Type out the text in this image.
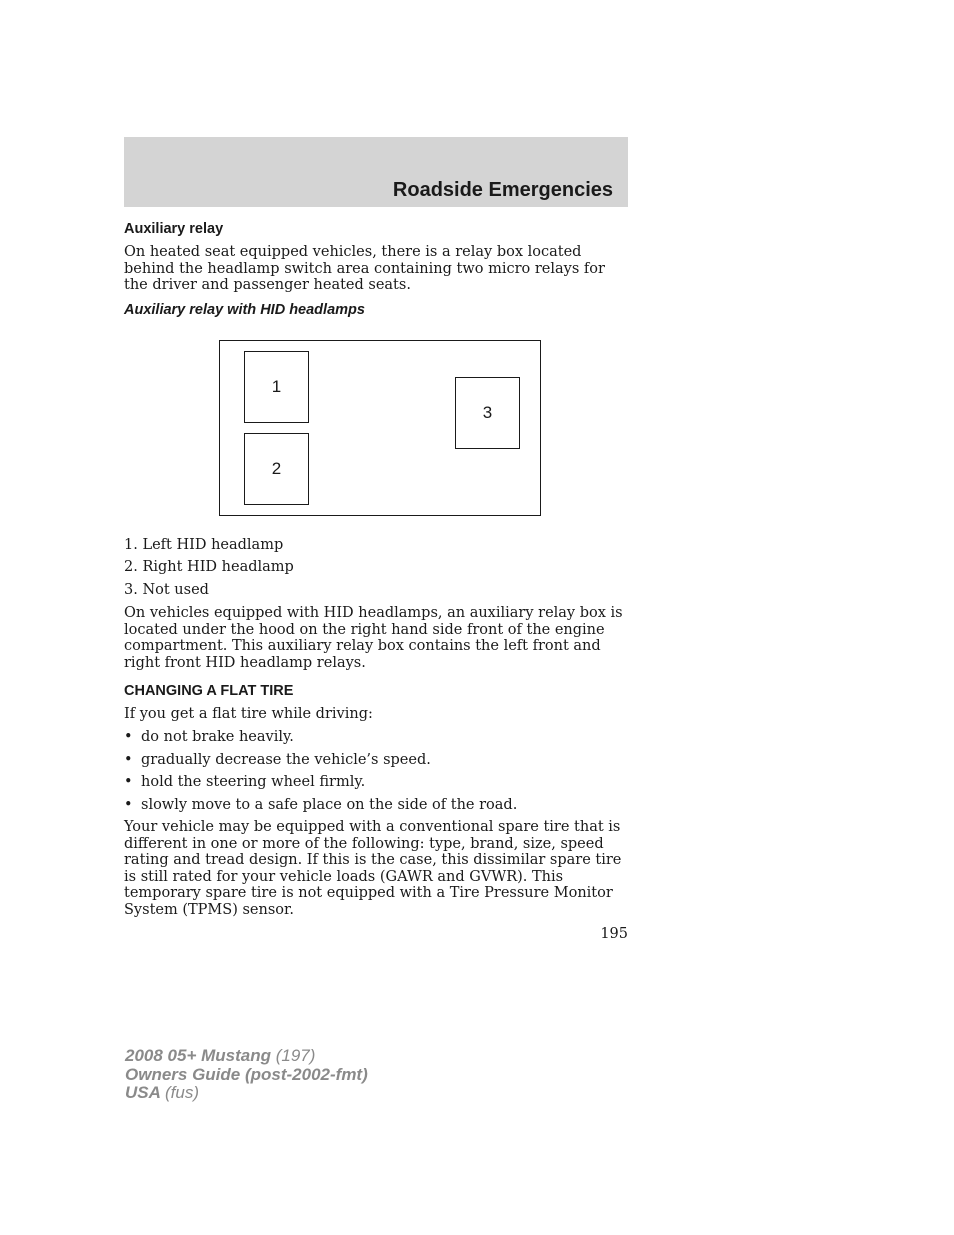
Roadside Emergencies
Auxiliary relay

On heated seat equipped vehicles, there is a relay box located behind the headlamp switch area containing two micro relays for the driver and passenger heated seats.

Auxiliary relay with HID headlamps
1
2
3

1. Left HID headlamp

2. Right HID headlamp

3. Not used

On vehicles equipped with HID headlamps, an auxiliary relay box is located under the hood on the right hand side front of the engine compartment. This auxiliary relay box contains the left front and right front HID headlamp relays.

CHANGING A FLAT TIRE

If you get a flat tire while driving:

• do not brake heavily.
• gradually decrease the vehicle’s speed.
• hold the steering wheel firmly.
• slowly move to a safe place on the side of the road.

Your vehicle may be equipped with a conventional spare tire that is different in one or more of the following: type, brand, size, speed rating and tread design. If this is the case, this dissimilar spare tire is still rated for your vehicle loads (GAWR and GVWR). This temporary spare tire is not equipped with a Tire Pressure Monitor System (TPMS) sensor.

195
2008 05+ Mustang (197)
Owners Guide (post-2002-fmt)
USA (fus)
